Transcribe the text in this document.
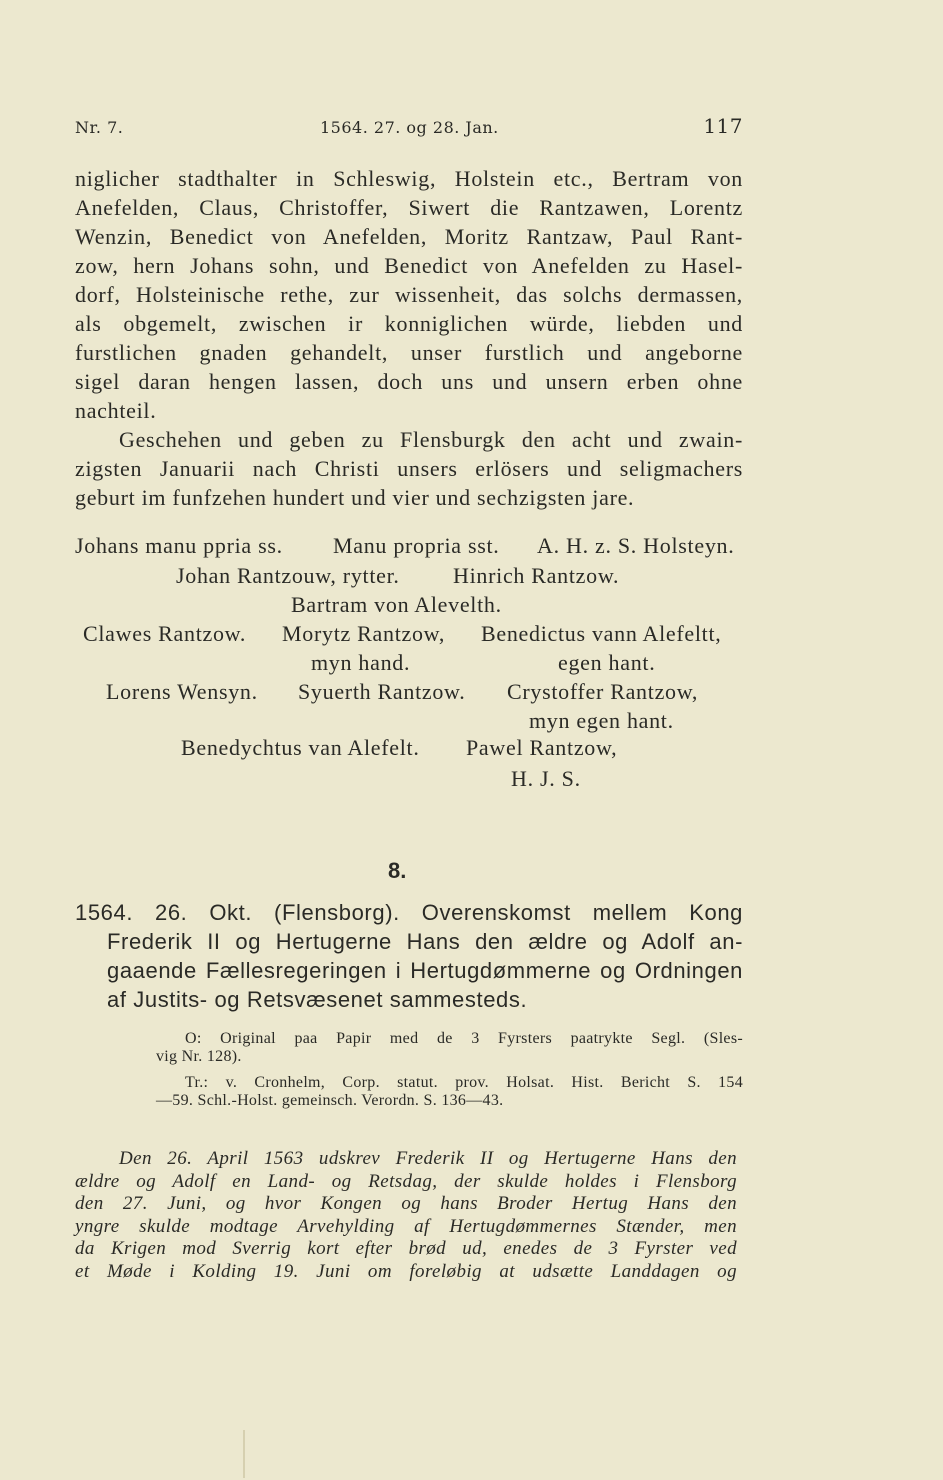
Nr. 7.	1564. 27. og 28. Jan.	117
niglicher stadthalter in Schleswig, Holstein etc., Bertram von
Anefelden, Claus, Christoffer, Siwert die Rantzawen, Lorentz
Wenzin, Benedict von Anefelden, Moritz Rantzaw, Paul Rant-
zow, hern Johans sohn, und Benedict von Anefelden zu Hasel-
dorf, Holsteinische rethe, zur wissenheit, das solchs dermassen,
als obgemelt, zwischen ir konniglichen würde, liebden und
furstlichen gnaden gehandelt, unser furstlich und angeborne
sigel daran hengen lassen, doch uns und unsern erben ohne
nachteil.
Geschehen und geben zu Flensburgk den acht und zwain-
zigsten Januarii nach Christi unsers erlösers und seligmachers
geburt im funfzehen hundert und vier und sechzigsten jare.
Johans manu ppria ss. Manu propria sst. A. H. z. S. Holsteyn.
Johan Rantzouw, rytter. Hinrich Rantzow.
Bartram von Alevelth.
Clawes Rantzow. Morytz Rantzow, Benedictus vann Alefeltt,
myn hand.	egen hant.
Lorens Wensyn. Syuerth Rantzow. Crystoffer Rantzow,
myn egen hant.
Benedychtus van Alefelt. Pawel Rantzow,
H. J. S.
8.
1564. 26. Okt. (Flensborg). Overenskomst mellem Kong
Frederik II og Hertugerne Hans den ældre og Adolf an-
gaaende Fællesregeringen i Hertugdømmerne og Ordningen
af Justits- og Retsvæsenet sammesteds.
O: Original paa Papir med de 3 Fyrsters paatrykte Segl. (Sles-
vig Nr. 128).
Tr.: v. Cronhelm, Corp. statut. prov. Holsat. Hist. Bericht S. 154
—59. Schl.-Holst. gemeinsch. Verordn. S. 136—43.
Den 26. April 1563 udskrev Frederik II og Hertugerne Hans den
ældre og Adolf en Land- og Retsdag, der skulde holdes i Flensborg
den 27. Juni, og hvor Kongen og hans Broder Hertug Hans den
yngre skulde modtage Arvehylding af Hertugdømmernes Stænder, men
da Krigen mod Sverrig kort efter brød ud, enedes de 3 Fyrster ved
et Møde i Kolding 19. Juni om foreløbig at udsætte Landdagen og
